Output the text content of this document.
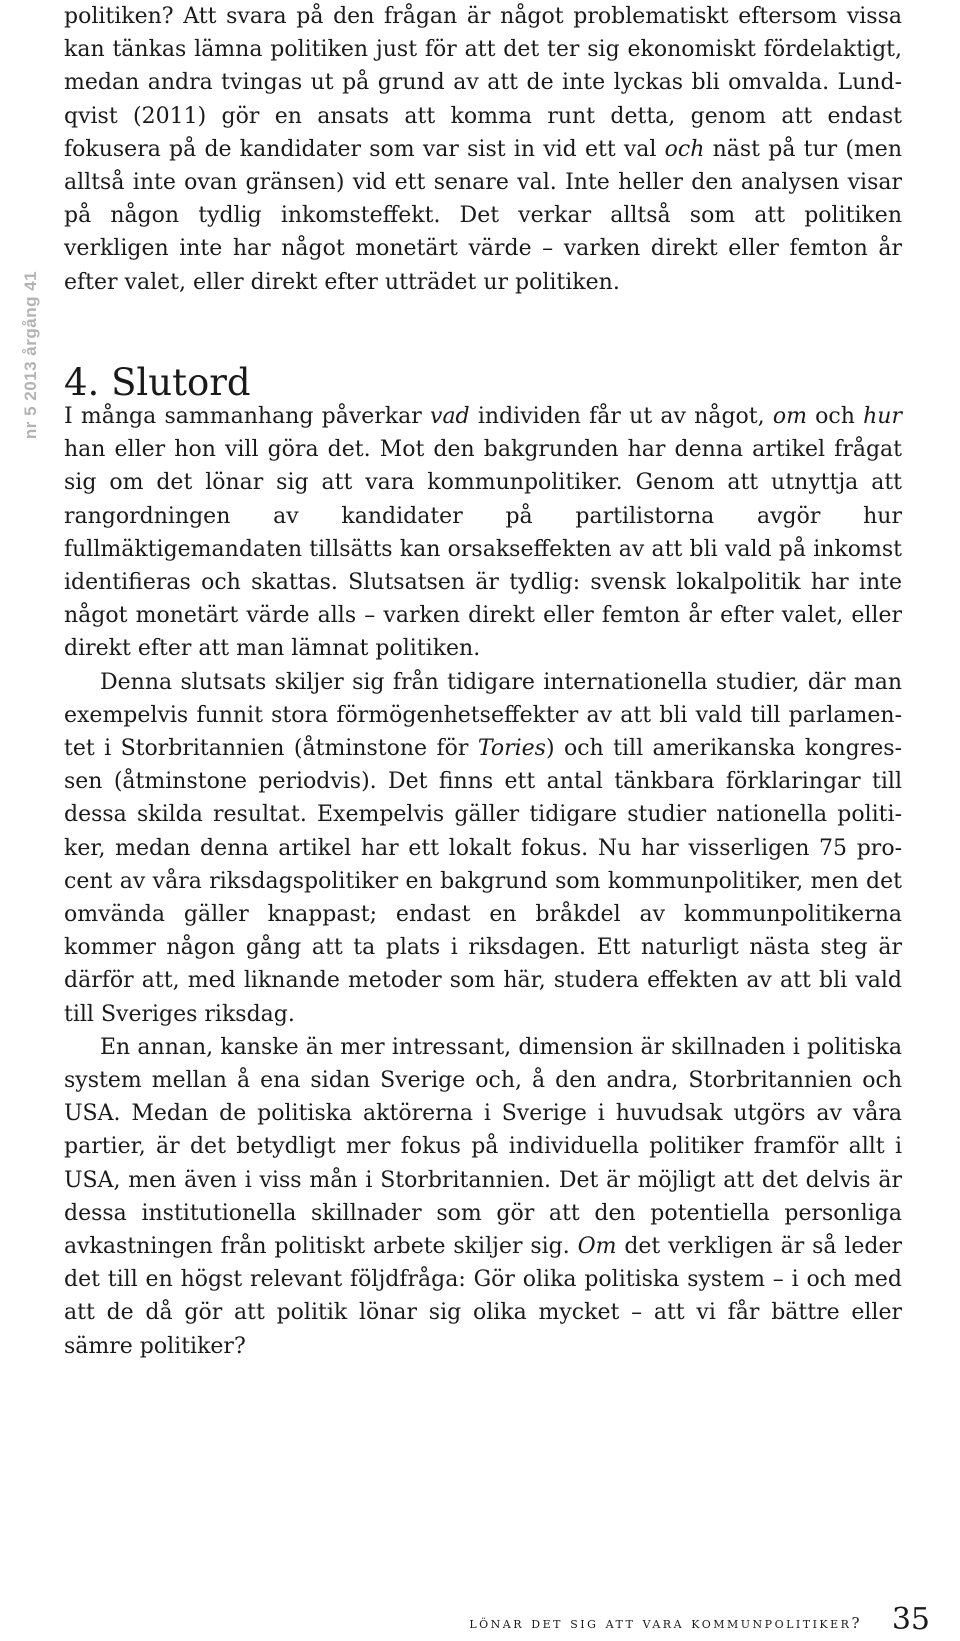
nr 5 2013 årgång 41

politiken? Att svara på den frågan är något problematiskt eftersom vissa kan tänkas lämna politiken just för att det ter sig ekonomiskt fördelaktigt, medan andra tvingas ut på grund av att de inte lyckas bli omvalda. Lundqvist (2011) gör en ansats att komma runt detta, genom att endast fokusera på de kandidater som var sist in vid ett val och näst på tur (men alltså inte ovan gränsen) vid ett senare val. Inte heller den analysen visar på någon tydlig inkomsteffekt. Det verkar alltså som att politiken verkligen inte har något monetärt värde – varken direkt eller femton år efter valet, eller direkt efter utträdet ur politiken.

4. Slutord

I många sammanhang påverkar vad individen får ut av något, om och hur han eller hon vill göra det. Mot den bakgrunden har denna artikel frågat sig om det lönar sig att vara kommunpolitiker. Genom att utnyttja att rangordningen av kandidater på partilistorna avgör hur fullmäktigemandaten tillsätts kan orsakseffekten av att bli vald på inkomst identifieras och skattas. Slutsatsen är tydlig: svensk lokalpolitik har inte något monetärt värde alls – varken direkt eller femton år efter valet, eller direkt efter att man lämnat politiken.

Denna slutsats skiljer sig från tidigare internationella studier, där man exempelvis funnit stora förmögenhetseffekter av att bli vald till parlamentet i Storbritannien (åtminstone för Tories) och till amerikanska kongressen (åtminstone periodvis). Det finns ett antal tänkbara förklaringar till dessa skilda resultat. Exempelvis gäller tidigare studier nationella politiker, medan denna artikel har ett lokalt fokus. Nu har visserligen 75 procent av våra riksdagspolitiker en bakgrund som kommunpolitiker, men det omvända gäller knappast; endast en bråkdel av kommunpolitikerna kommer någon gång att ta plats i riksdagen. Ett naturligt nästa steg är därför att, med liknande metoder som här, studera effekten av att bli vald till Sveriges riksdag.

En annan, kanske än mer intressant, dimension är skillnaden i politiska system mellan å ena sidan Sverige och, å den andra, Storbritannien och USA. Medan de politiska aktörerna i Sverige i huvudsak utgörs av våra partier, är det betydligt mer fokus på individuella politiker framför allt i USA, men även i viss mån i Storbritannien. Det är möjligt att det delvis är dessa institutionella skillnader som gör att den potentiella personliga avkastningen från politiskt arbete skiljer sig. Om det verkligen är så leder det till en högst relevant följdfråga: Gör olika politiska system – i och med att de då gör att politik lönar sig olika mycket – att vi får bättre eller sämre politiker?

lönar det sig att vara kommunpolitiker? 35
